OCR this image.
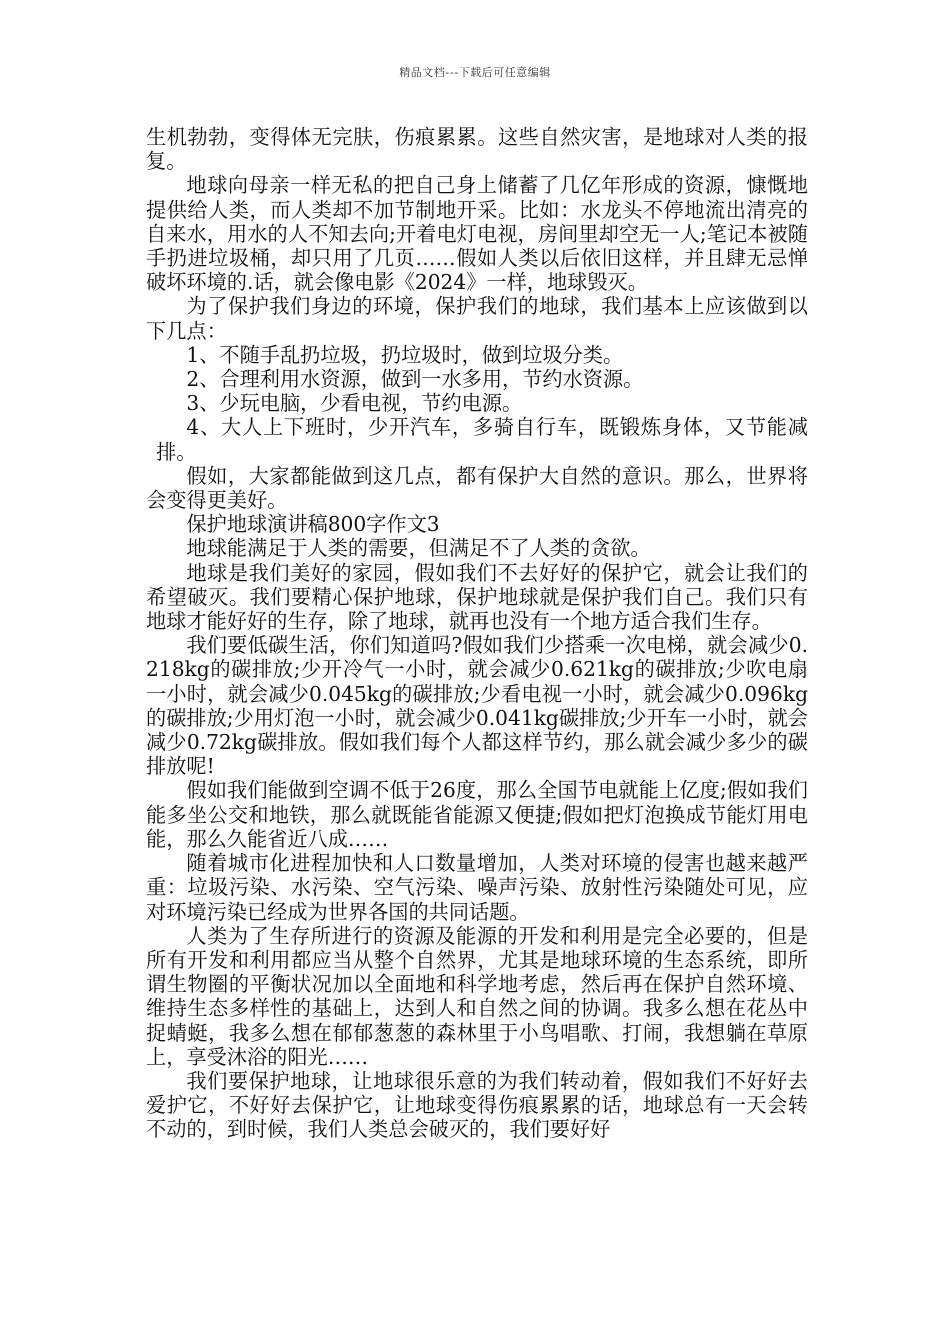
精品文档---下载后可任意编辑

生机勃勃，变得体无完肤，伤痕累累。这些自然灾害，是地球对人类的报复。

地球向母亲一样无私的把自己身上储蓄了几亿年形成的资源，慷慨地提供给人类，而人类却不加节制地开采。比如：水龙头不停地流出清亮的自来水，用水的人不知去向;开着电灯电视，房间里却空无一人;笔记本被随手扔进垃圾桶，却只用了几页……假如人类以后依旧这样，并且肆无忌惮破坏环境的.话，就会像电影《2024》一样，地球毁灭。

为了保护我们身边的环境，保护我们的地球，我们基本上应该做到以下几点：

1、不随手乱扔垃圾，扔垃圾时，做到垃圾分类。

2、合理利用水资源，做到一水多用，节约水资源。

3、少玩电脑，少看电视，节约电源。

4、大人上下班时，少开汽车，多骑自行车，既锻炼身体，又节能减排。

假如，大家都能做到这几点，都有保护大自然的意识。那么，世界将会变得更美好。

保护地球演讲稿800字作文3

地球能满足于人类的需要，但满足不了人类的贪欲。

地球是我们美好的家园，假如我们不去好好的保护它，就会让我们的希望破灭。我们要精心保护地球，保护地球就是保护我们自己。我们只有地球才能好好的生存，除了地球，就再也没有一个地方适合我们生存。

我们要低碳生活，你们知道吗?假如我们少搭乘一次电梯，就会减少0.218kg的碳排放;少开冷气一小时，就会减少0.621kg的碳排放;少吹电扇一小时，就会减少0.045kg的碳排放;少看电视一小时，就会减少0.096kg的碳排放;少用灯泡一小时，就会减少0.041kg碳排放;少开车一小时，就会减少0.72kg碳排放。假如我们每个人都这样节约，那么就会减少多少的碳排放呢!

假如我们能做到空调不低于26度，那么全国节电就能上亿度;假如我们能多坐公交和地铁，那么就既能省能源又便捷;假如把灯泡换成节能灯用电能，那么久能省近八成……

随着城市化进程加快和人口数量增加，人类对环境的侵害也越来越严重：垃圾污染、水污染、空气污染、噪声污染、放射性污染随处可见，应对环境污染已经成为世界各国的共同话题。

人类为了生存所进行的资源及能源的开发和利用是完全必要的，但是所有开发和利用都应当从整个自然界，尤其是地球环境的生态系统，即所谓生物圈的平衡状况加以全面地和科学地考虑，然后再在保护自然环境、维持生态多样性的基础上，达到人和自然之间的协调。我多么想在花丛中捉蜻蜓，我多么想在郁郁葱葱的森林里于小鸟唱歌、打闹，我想躺在草原上，享受沐浴的阳光……

我们要保护地球，让地球很乐意的为我们转动着，假如我们不好好去爱护它，不好好去保护它，让地球变得伤痕累累的话，地球总有一天会转不动的，到时候，我们人类总会破灭的，我们要好好
